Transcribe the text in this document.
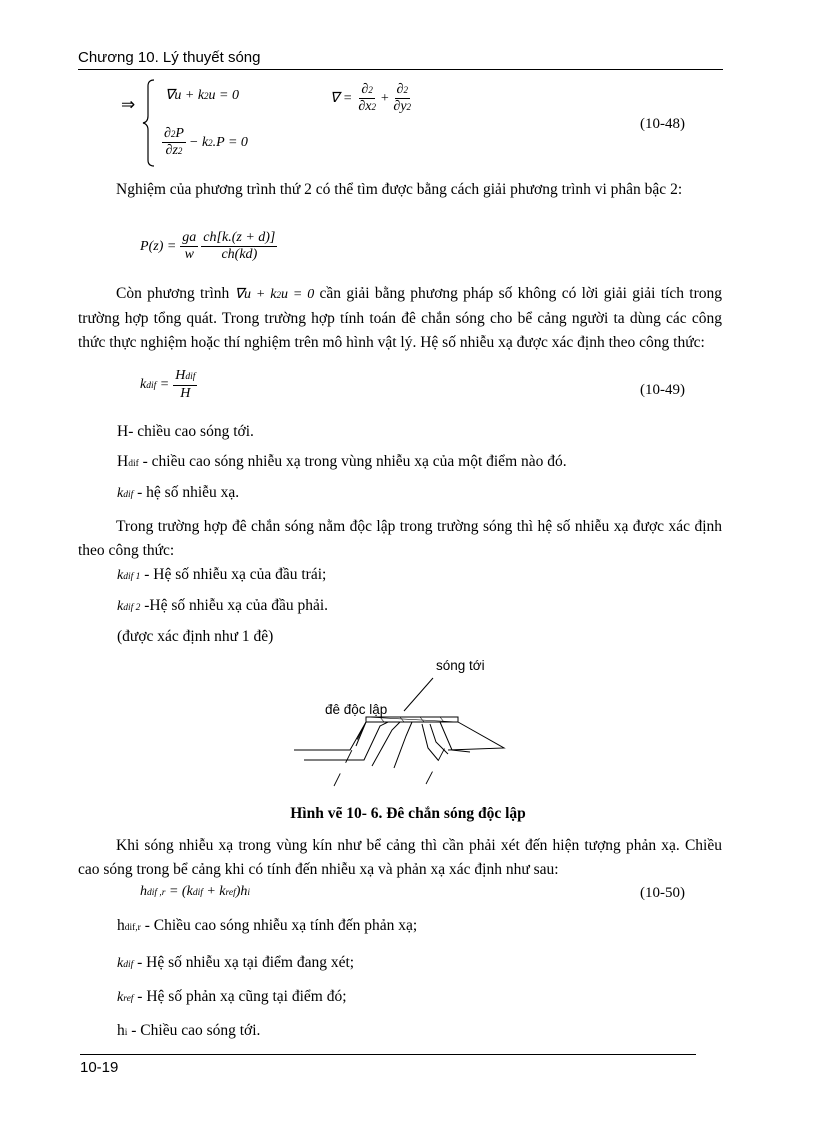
Chương 10. Lý thuyết sóng
⇒ ∇u + k2u = 0
$\frac{\partial 2P}{\partial z2} - k2.P = 0$
∇ = $\frac{\partial 2}{\partial x2} + \frac{\partial 2}{\partial y2}$
(10-48)
Nghiệm của phương trình thứ 2 có thể tìm được bằng cách giải phương trình vi phân bậc 2:
$P(z) = \frac{ga}{w} \frac{ch[k.(z + d)]}{ch(kd)}$
Còn phương trình ∇u + k2u = 0 cần giải bằng phương pháp số không có lời giải giải tích trong trường hợp tổng quát. Trong trường hợp tính toán đê chắn sóng cho bể cảng người ta dùng các công thức thực nghiệm hoặc thí nghiệm trên mô hình vật lý. Hệ số nhiễu xạ được xác định theo công thức:
kdif = $\frac{\text{Hdif}}{H}$	(10-49)
H- chiều cao sóng tới.
Hdif - chiều cao sóng nhiễu xạ trong vùng nhiễu xạ của một điểm nào đó.
kdif - hệ số nhiễu xạ.
Trong trường hợp đê chắn sóng nằm độc lập trong trường sóng thì hệ số nhiễu xạ được xác định theo công thức:
kdif 1 - Hệ số nhiễu xạ của đầu trái;
kdif 2 -Hệ số nhiễu xạ của đầu phải.
(được xác định như 1 đê)
sóng tới
đê độc lập
Hình vẽ 10- 6. Đê chắn sóng độc lập
Khi sóng nhiễu xạ trong vùng kín như bể cảng thì cần phải xét đến hiện tượng phản xạ. Chiều cao sóng trong bể cảng khi có tính đến nhiễu xạ và phản xạ xác định như sau:
hdif ,r = (kdif + kref)hi	(10-50)
hdif,r - Chiều cao sóng nhiễu xạ tính đến phản xạ;
kdif - Hệ số nhiễu xạ tại điểm đang xét;
kref - Hệ số phản xạ cũng tại điểm đó;
hi - Chiều cao sóng tới.
10-19
